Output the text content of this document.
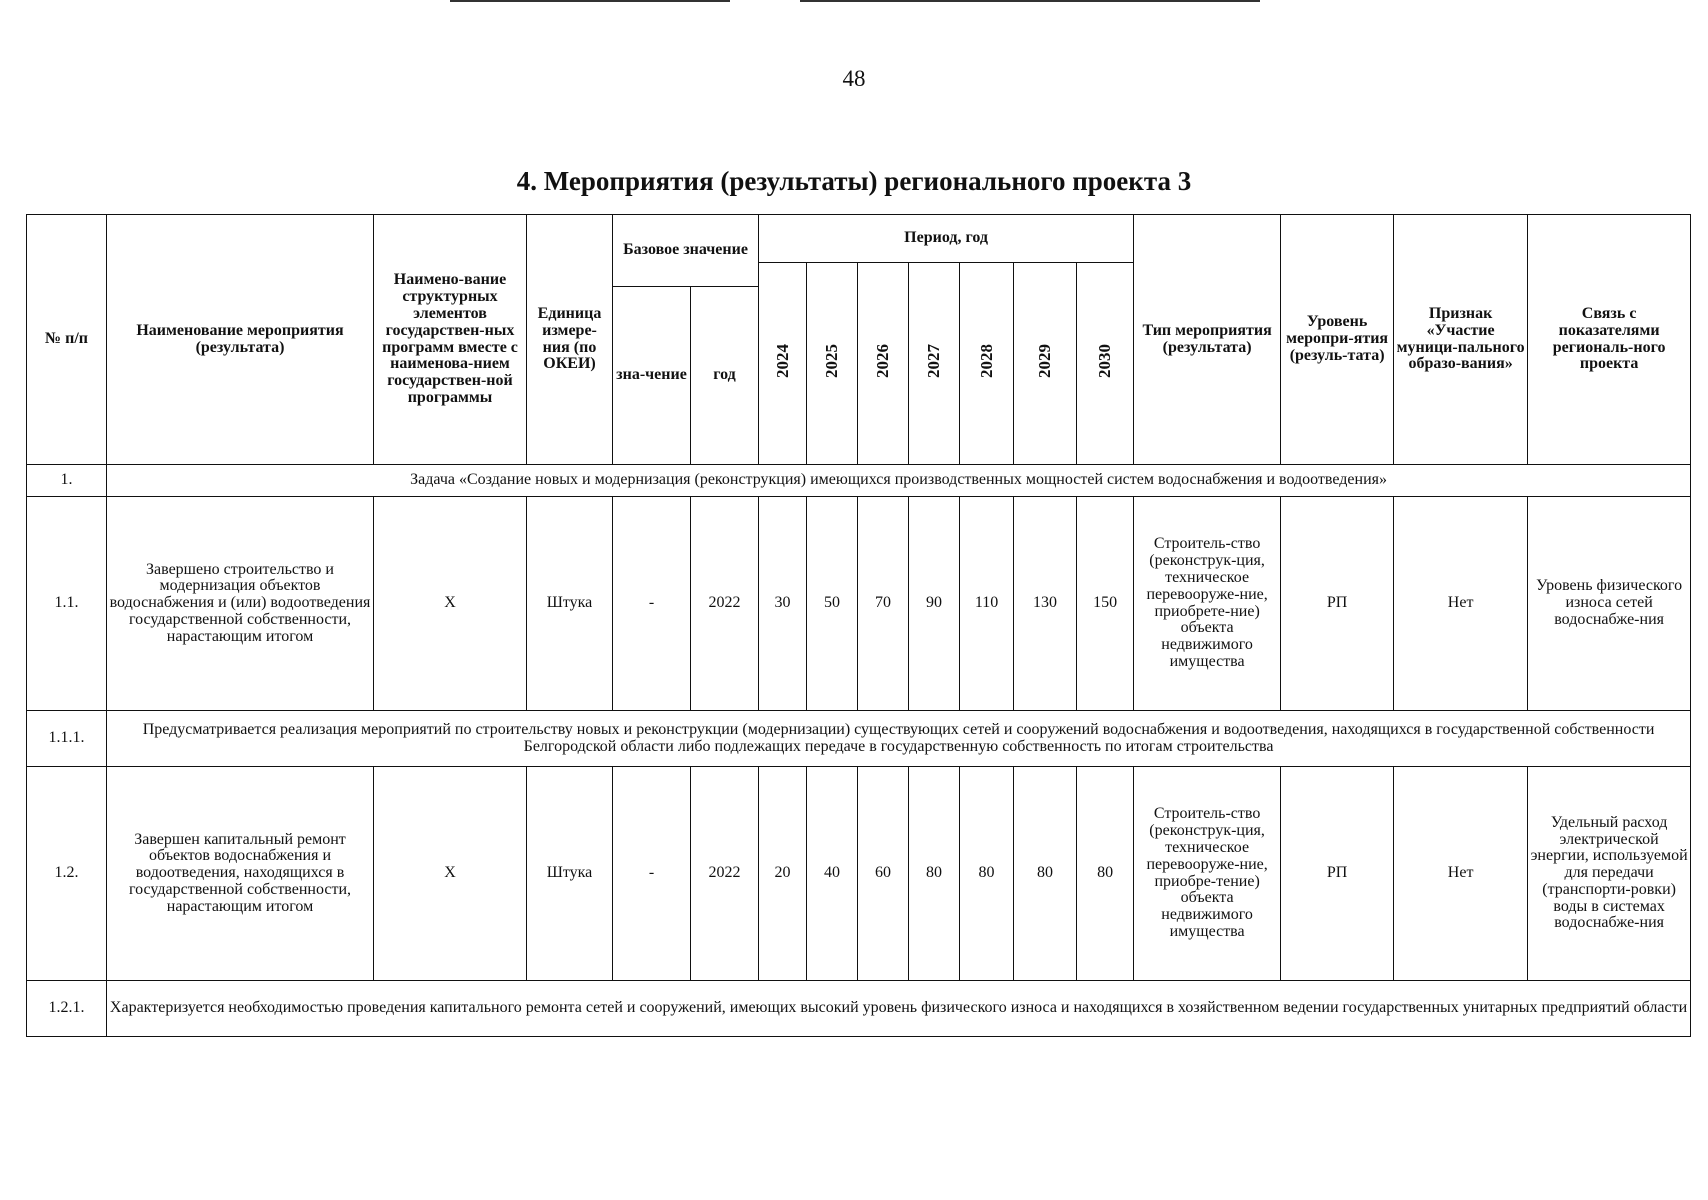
48
4. Мероприятия (результаты) регионального проекта 3
№ п/п	Наименование мероприятия (результата)	Наимено-вание структурных элементов государствен-ных программ вместе с наименова-нием государствен-ной программы	Единица измере-ния (по ОКЕИ)	Базовое значение		Период, год							Тип мероприятия (результата)	Уровень меропри-ятия (резуль-тата)	Признак «Участие муници-пального образо-вания»	Связь с показателями региональ-ного проекта
						2024	2025	2026	2027	2028	2029	2030				
				зна-чение	год											
1.	Задача «Создание новых и модернизация (реконструкция) имеющихся производственных мощностей систем водоснабжения и водоотведения»															
1.1.	Завершено строительство и модернизация объектов водоснабжения и (или) водоотведения государственной собственности, нарастающим итогом	X	Штука	-	2022	30	50	70	90	110	130	150	Строитель-ство (реконструк-ция, техническое перевооруже-ние, приобрете-ние) объекта недвижимого имущества	РП	Нет	Уровень физического износа сетей водоснабже-ния
1.1.1.	Предусматривается реализация мероприятий по строительству новых и реконструкции (модернизации) существующих сетей и сооружений водоснабжения и водоотведения, находящихся в государственной собственности Белгородской области либо подлежащих передаче в государственную собственность по итогам строительства															
1.2.	Завершен капитальный ремонт объектов водоснабжения и водоотведения, находящихся в государственной собственности, нарастающим итогом	X	Штука	-	2022	20	40	60	80	80	80	80	Строитель-ство (реконструк-ция, техническое перевооруже-ние, приобре-тение) объекта недвижимого имущества	РП	Нет	Удельный расход электрической энергии, используемой для передачи (транспорти-ровки) воды в системах водоснабже-ния
1.2.1.	Характеризуется необходимостью проведения капитального ремонта сетей и сооружений, имеющих высокий уровень физического износа и находящихся в хозяйственном ведении государственных унитарных предприятий области															
